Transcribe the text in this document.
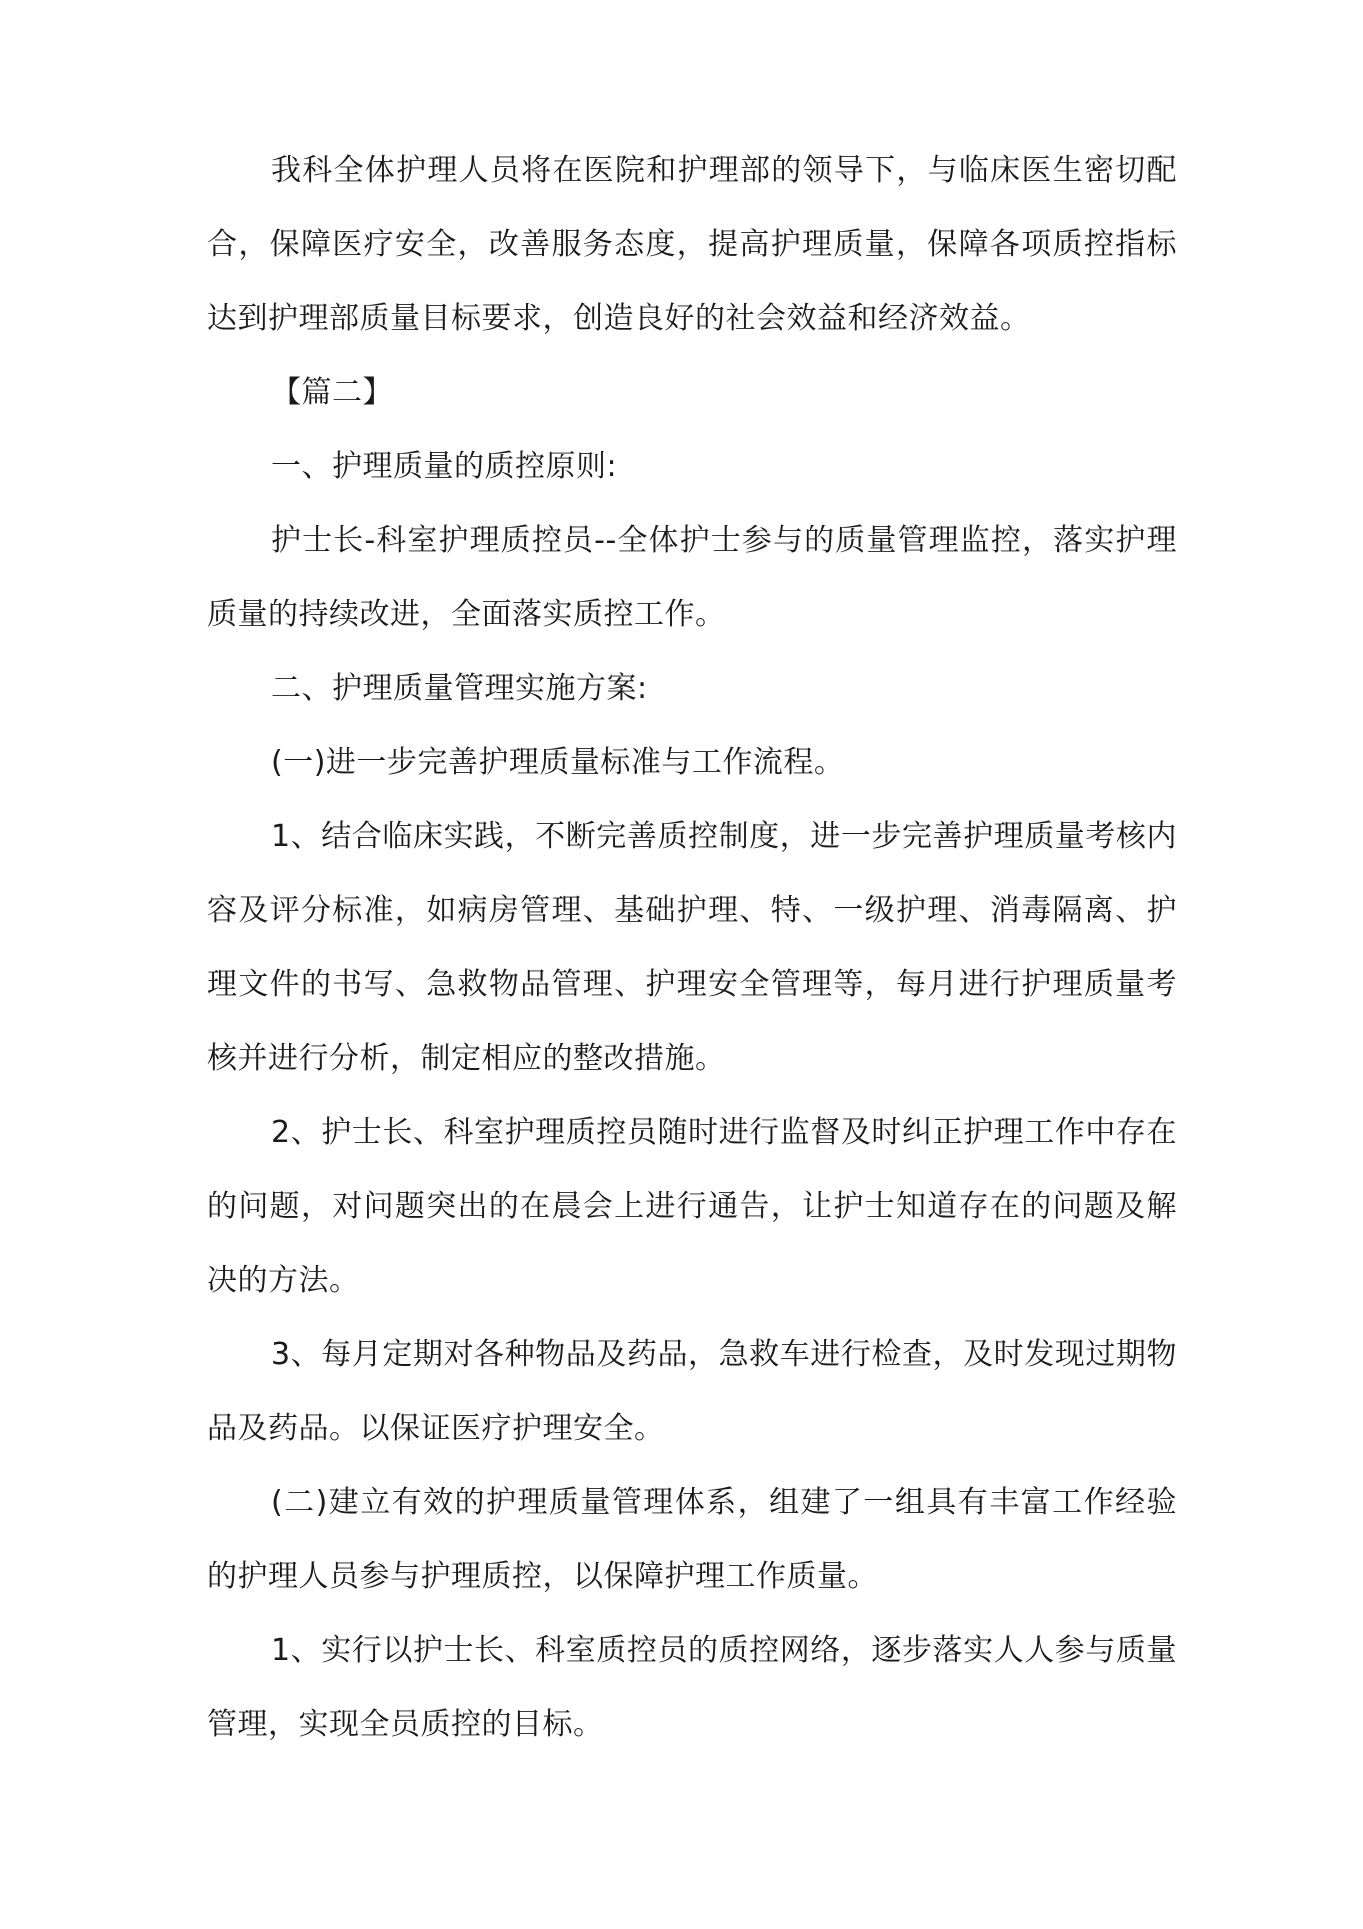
我科全体护理人员将在医院和护理部的领导下，与临床医生密切配合，保障医疗安全，改善服务态度，提高护理质量，保障各项质控指标达到护理部质量目标要求，创造良好的社会效益和经济效益。

【篇二】

一、护理质量的质控原则:

护士长-科室护理质控员--全体护士参与的质量管理监控，落实护理质量的持续改进，全面落实质控工作。

二、护理质量管理实施方案:

(一)进一步完善护理质量标准与工作流程。

1、结合临床实践，不断完善质控制度，进一步完善护理质量考核内容及评分标准，如病房管理、基础护理、特、一级护理、消毒隔离、护理文件的书写、急救物品管理、护理安全管理等，每月进行护理质量考核并进行分析，制定相应的整改措施。

2、护士长、科室护理质控员随时进行监督及时纠正护理工作中存在的问题，对问题突出的在晨会上进行通告，让护士知道存在的问题及解决的方法。

3、每月定期对各种物品及药品，急救车进行检查，及时发现过期物品及药品。以保证医疗护理安全。

(二)建立有效的护理质量管理体系，组建了一组具有丰富工作经验的护理人员参与护理质控，以保障护理工作质量。

1、实行以护士长、科室质控员的质控网络，逐步落实人人参与质量管理，实现全员质控的目标。
